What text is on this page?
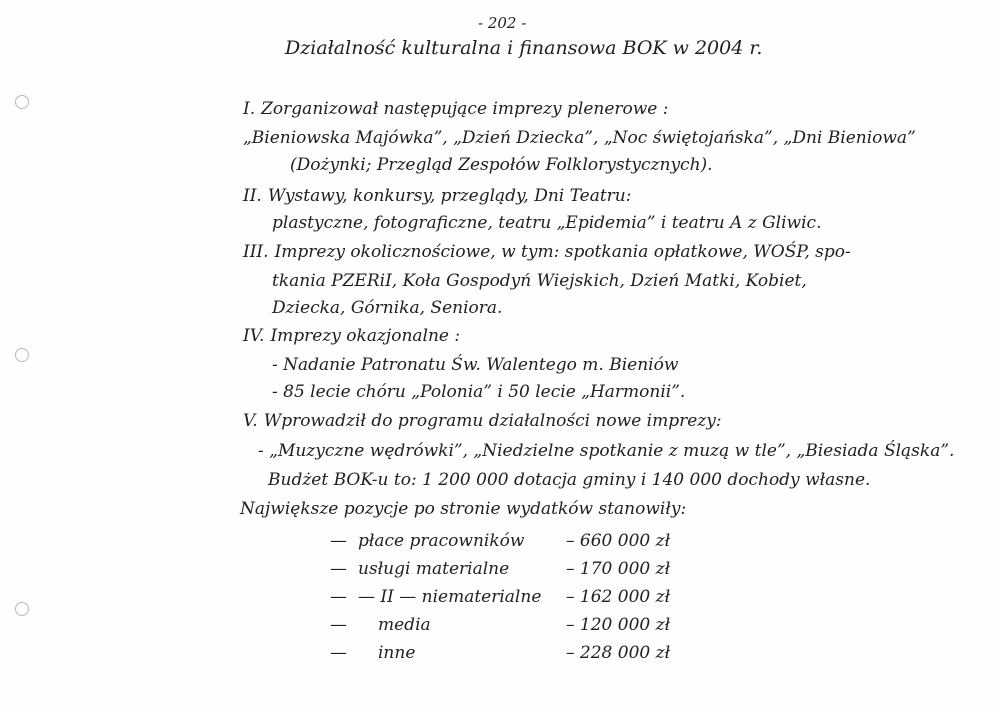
- 202 -
Działalność kulturalna i finansowa BOK w 2004 r.
I. Zorganizował następujące imprezy plenerowe :
„Bieniowska Majówka”, „Dzień Dziecka”, „Noc świętojańska”, „Dni Bieniowa”
(Dożynki; Przegląd Zespołów Folklorystycznych).
II. Wystawy, konkursy, przeglądy, Dni Teatru:
plastyczne, fotograficzne, teatru „Epidemia” i teatru A z Gliwic.
III. Imprezy okolicznościowe, w tym: spotkania opłatkowe, WOŚP, spo-
tkania PZERiI, Koła Gospodyń Wiejskich, Dzień Matki, Kobiet,
Dziecka, Górnika, Seniora.
IV. Imprezy okazjonalne :
- Nadanie Patronatu Św. Walentego m. Bieniów
- 85 lecie chóru „Polonia” i 50 lecie „Harmonii”.
V. Wprowadził do programu działalności nowe imprezy:
- „Muzyczne wędrówki”, „Niedzielne spotkanie z muzą w tle”, „Biesiada Śląska”.
Budżet BOK-u to: 1 200 000 dotacja gminy i 140 000 dochody własne.
Największe pozycje po stronie wydatków stanowiły:
— płace pracowników – 660 000 zł
— usługi materialne	– 170 000 zł
— — II — niematerialne – 162 000 zł
— media	– 120 000 zł
— inne	– 228 000 zł
